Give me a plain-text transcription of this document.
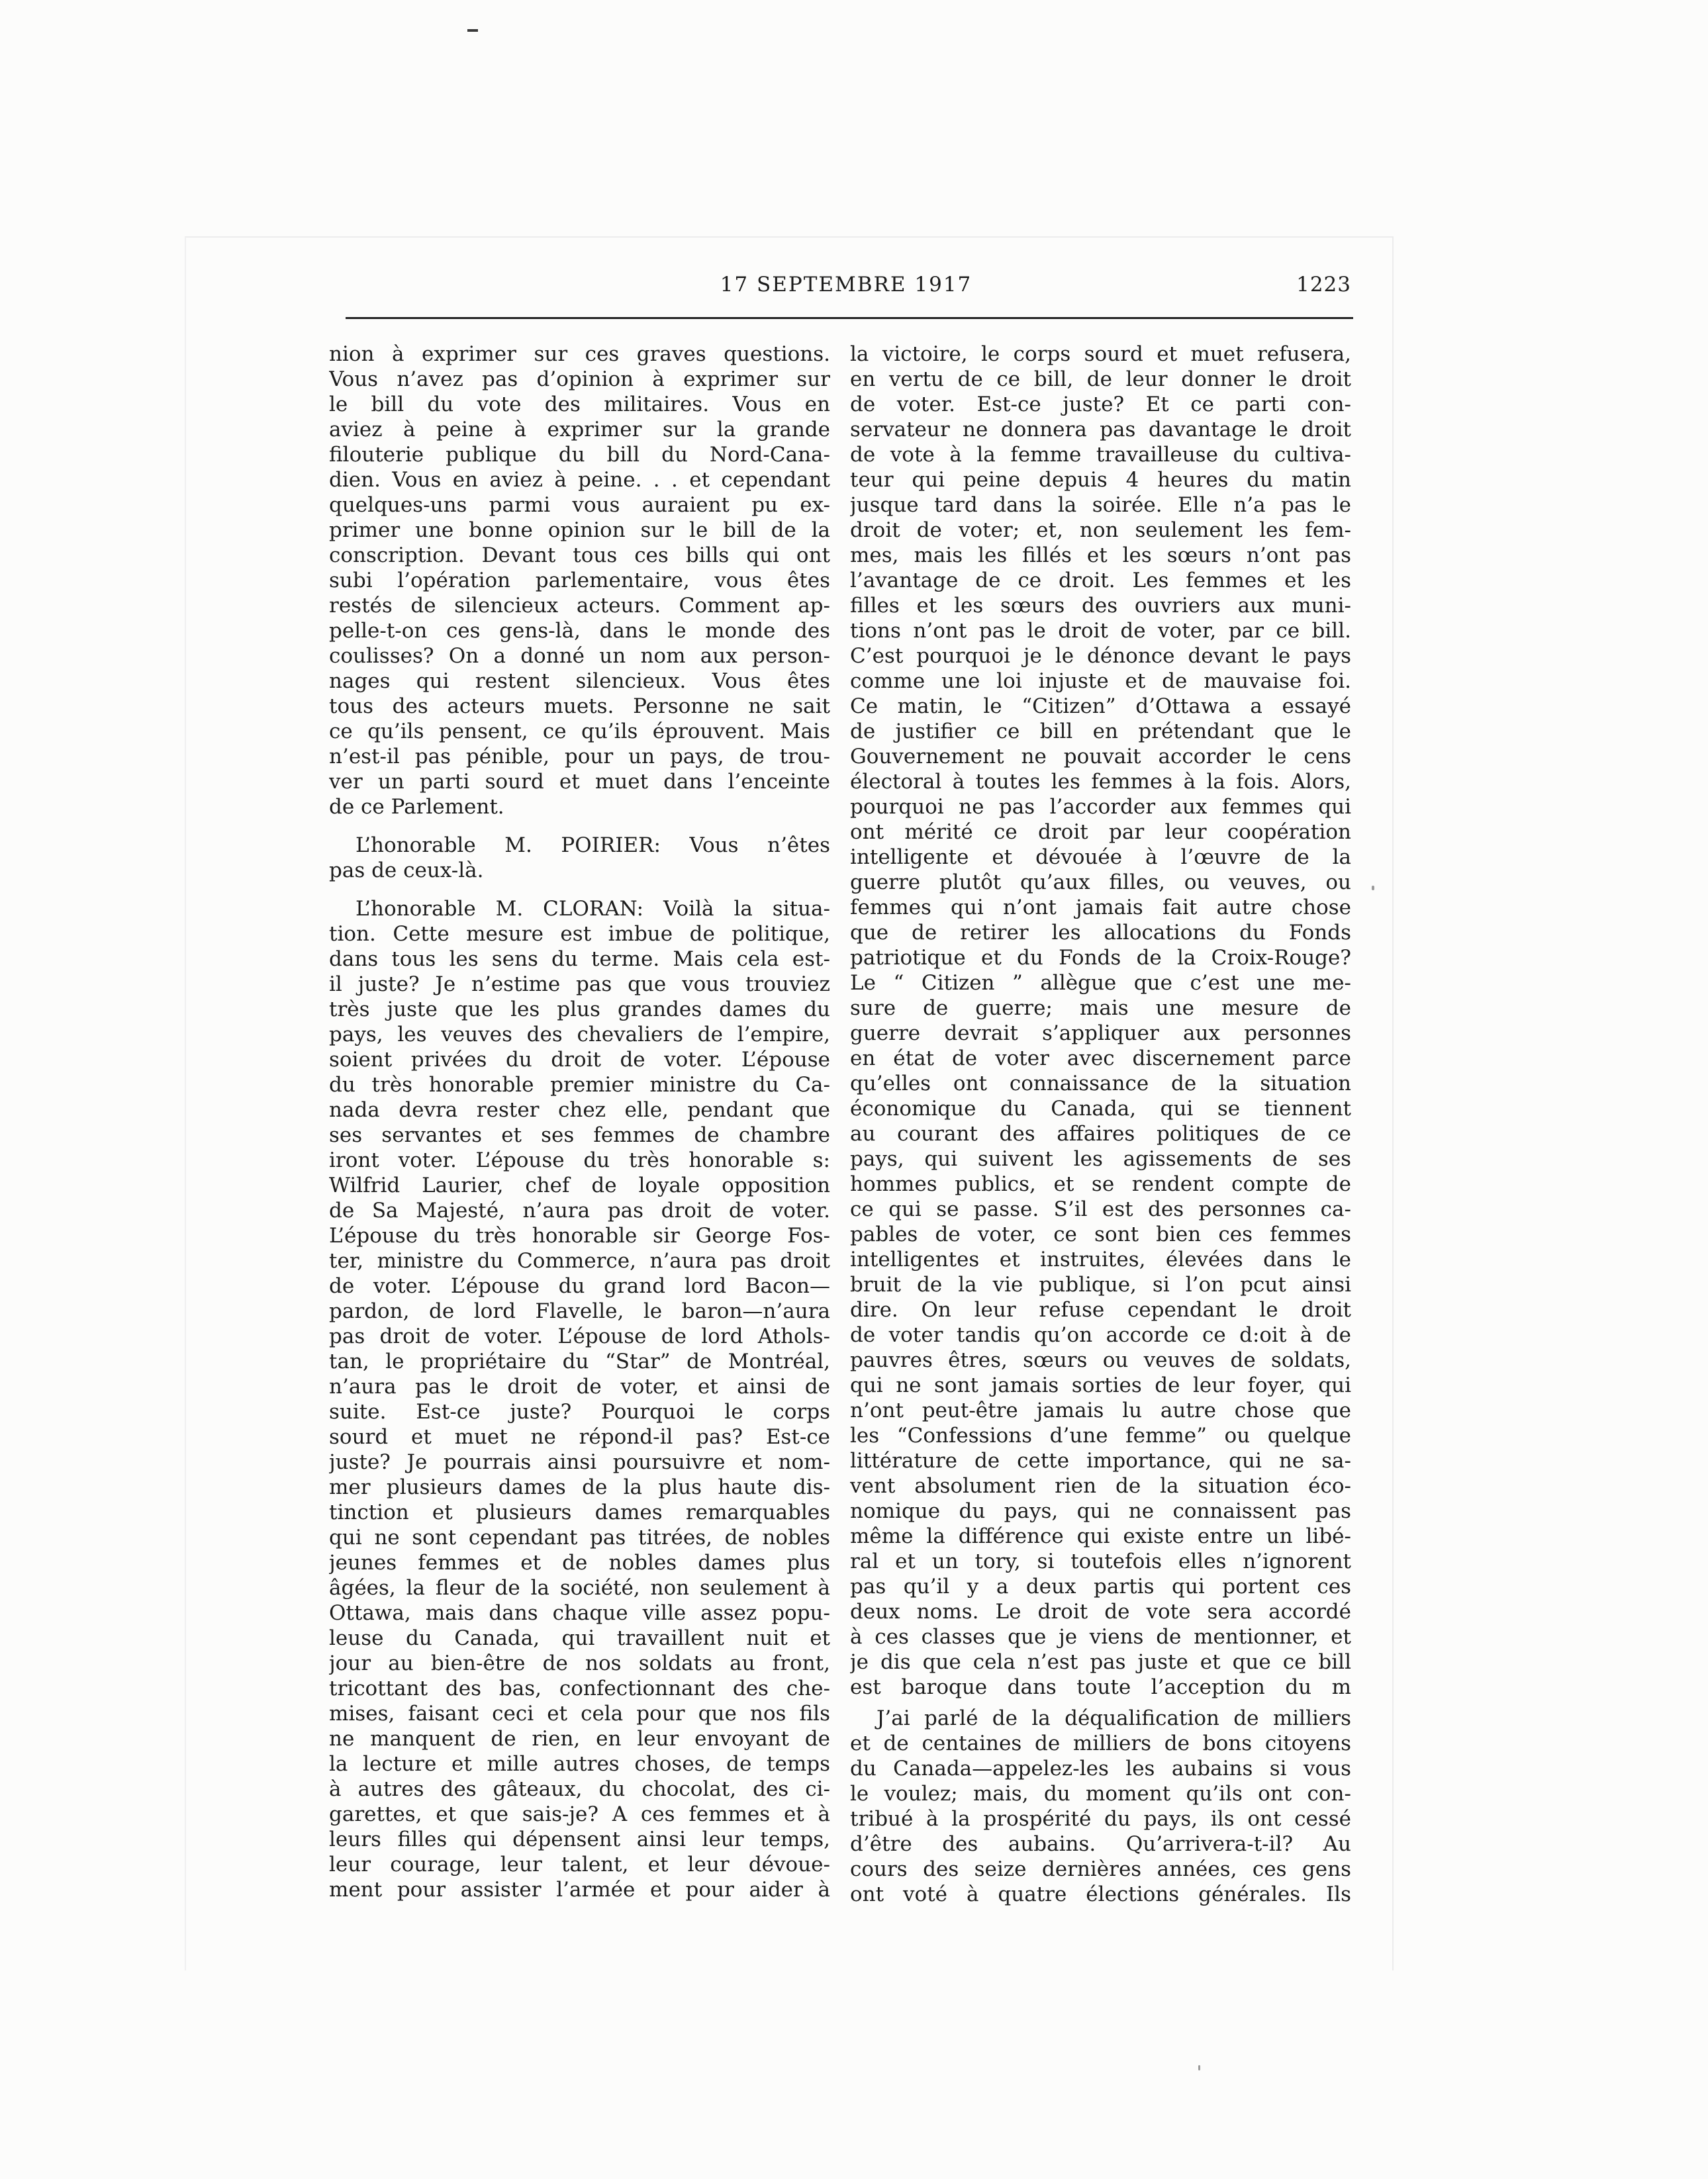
17 SEPTEMBRE 1917	1223
nion à exprimer sur ces graves questions.
Vous n’avez pas d’opinion à exprimer sur
le bill du vote des militaires. Vous en
aviez à peine à exprimer sur la grande
filouterie publique du bill du Nord-Cana-
dien. Vous en aviez à peine. . . et cependant
quelques-uns parmi vous auraient pu ex-
primer une bonne opinion sur le bill de la
conscription. Devant tous ces bills qui ont
subi l’opération parlementaire, vous êtes
restés de silencieux acteurs. Comment ap-
pelle-t-on ces gens-là, dans le monde des
coulisses? On a donné un nom aux person-
nages qui restent silencieux. Vous êtes
tous des acteurs muets. Personne ne sait
ce qu’ils pensent, ce qu’ils éprouvent. Mais
n’est-il pas pénible, pour un pays, de trou-
ver un parti sourd et muet dans l’enceinte
de ce Parlement.
L’honorable M. POIRIER: Vous n’êtes
pas de ceux-là.
L’honorable M. CLORAN: Voilà la situa-
tion. Cette mesure est imbue de politique,
dans tous les sens du terme. Mais cela est-
il juste? Je n’estime pas que vous trouviez
très juste que les plus grandes dames du
pays, les veuves des chevaliers de l’empire,
soient privées du droit de voter. L’épouse
du très honorable premier ministre du Ca-
nada devra rester chez elle, pendant que
ses servantes et ses femmes de chambre
iront voter. L’épouse du très honorable s:
Wilfrid Laurier, chef de loyale opposition
de Sa Majesté, n’aura pas droit de voter.
L’épouse du très honorable sir George Fos-
ter, ministre du Commerce, n’aura pas droit
de voter. L’épouse du grand lord Bacon—
pardon, de lord Flavelle, le baron—n’aura
pas droit de voter. L’épouse de lord Athols-
tan, le propriétaire du “Star” de Montréal,
n’aura pas le droit de voter, et ainsi de
suite. Est-ce juste? Pourquoi le corps
sourd et muet ne répond-il pas? Est-ce
juste? Je pourrais ainsi poursuivre et nom-
mer plusieurs dames de la plus haute dis-
tinction et plusieurs dames remarquables
qui ne sont cependant pas titrées, de nobles
jeunes femmes et de nobles dames plus
âgées, la fleur de la société, non seulement à
Ottawa, mais dans chaque ville assez popu-
leuse du Canada, qui travaillent nuit et
jour au bien-être de nos soldats au front,
tricottant des bas, confectionnant des che-
mises, faisant ceci et cela pour que nos fils
ne manquent de rien, en leur envoyant de
la lecture et mille autres choses, de temps
à autres des gâteaux, du chocolat, des ci-
garettes, et que sais-je? A ces femmes et à
leurs filles qui dépensent ainsi leur temps,
leur courage, leur talent, et leur dévoue-
ment pour assister l’armée et pour aider à
la victoire, le corps sourd et muet refusera,
en vertu de ce bill, de leur donner le droit
de voter. Est-ce juste? Et ce parti con-
servateur ne donnera pas davantage le droit
de vote à la femme travailleuse du cultiva-
teur qui peine depuis 4 heures du matin
jusque tard dans la soirée. Elle n’a pas le
droit de voter; et, non seulement les fem-
mes, mais les fillés et les sœurs n’ont pas
l’avantage de ce droit. Les femmes et les
filles et les sœurs des ouvriers aux muni-
tions n’ont pas le droit de voter, par ce bill.
C’est pourquoi je le dénonce devant le pays
comme une loi injuste et de mauvaise foi.
Ce matin, le “Citizen” d’Ottawa a essayé
de justifier ce bill en prétendant que le
Gouvernement ne pouvait accorder le cens
électoral à toutes les femmes à la fois. Alors,
pourquoi ne pas l’accorder aux femmes qui
ont mérité ce droit par leur coopération
intelligente et dévouée à l’œuvre de la
guerre plutôt qu’aux filles, ou veuves, ou
femmes qui n’ont jamais fait autre chose
que de retirer les allocations du Fonds
patriotique et du Fonds de la Croix-Rouge?
Le “ Citizen ” allègue que c’est une me-
sure de guerre; mais une mesure de
guerre devrait s’appliquer aux personnes
en état de voter avec discernement parce
qu’elles ont connaissance de la situation
économique du Canada, qui se tiennent
au courant des affaires politiques de ce
pays, qui suivent les agissements de ses
hommes publics, et se rendent compte de
ce qui se passe. S’il est des personnes ca-
pables de voter, ce sont bien ces femmes
intelligentes et instruites, élevées dans le
bruit de la vie publique, si l’on pcut ainsi
dire. On leur refuse cependant le droit
de voter tandis qu’on accorde ce d:oit à de
pauvres êtres, sœurs ou veuves de soldats,
qui ne sont jamais sorties de leur foyer, qui
n’ont peut-être jamais lu autre chose que
les “Confessions d’une femme” ou quelque
littérature de cette importance, qui ne sa-
vent absolument rien de la situation éco-
nomique du pays, qui ne connaissent pas
même la différence qui existe entre un libé-
ral et un tory, si toutefois elles n’ignorent
pas qu’il y a deux partis qui portent ces
deux noms. Le droit de vote sera accordé
à ces classes que je viens de mentionner, et
je dis que cela n’est pas juste et que ce bill
est baroque dans toute l’acception du m
J’ai parlé de la déqualification de milliers
et de centaines de milliers de bons citoyens
du Canada—appelez-les les aubains si vous
le voulez; mais, du moment qu’ils ont con-
tribué à la prospérité du pays, ils ont cessé
d’être des aubains. Qu’arrivera-t-il? Au
cours des seize dernières années, ces gens
ont voté à quatre élections générales. Ils
